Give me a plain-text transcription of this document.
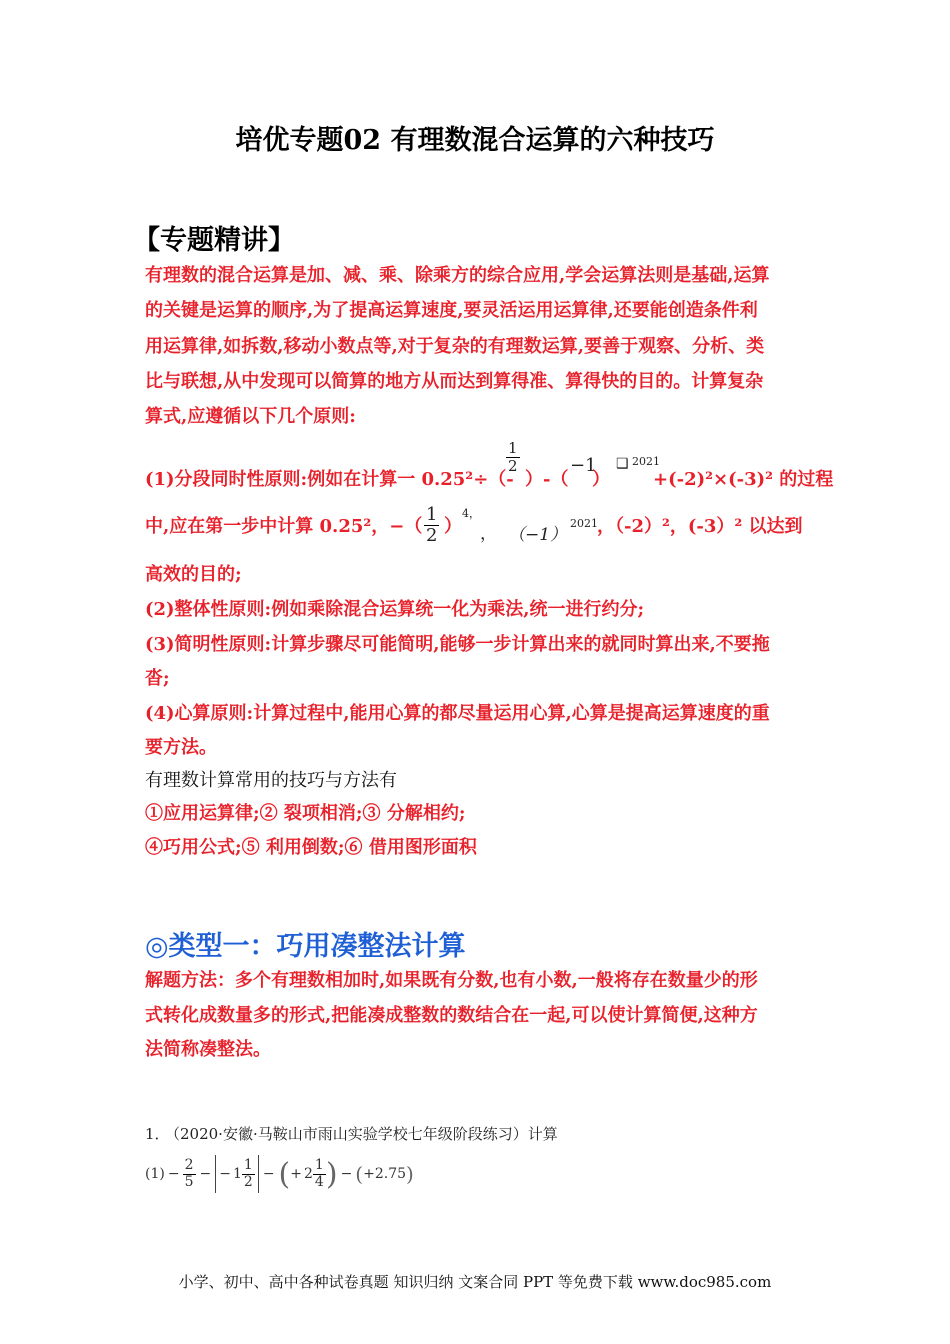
培优专题02 有理数混合运算的六种技巧
【专题精讲】
有理数的混合运算是加、减、乘、除乘方的综合应用,学会运算法则是基础,运算
的关键是运算的顺序,为了提高运算速度,要灵活运用运算律,还要能创造条件利
用运算律,如拆数,移动小数点等,对于复杂的有理数运算,要善于观察、分析、类
比与联想,从中发现可以简算的地方从而达到算得准、算得快的目的。计算复杂
算式,应遵循以下几个原则:
(1)分段同时性原则:例如在计算一 0.25²÷（-
$\frac{1}{2}$
）-（
−1
）
❑ 2021
+(-2)²×(-3)² 的过程
中,应在第一步中计算 0.25²，−（ $\frac{1}{2}$ ）
4，
， （−1）
2021 ，（-2）²，(-3）² 以达到
高效的目的;
(2)整体性原则:例如乘除混合运算统一化为乘法,统一进行约分;
(3)简明性原则:计算步骤尽可能简明,能够一步计算出来的就同时算出来,不要拖
沓;
(4)心算原则:计算过程中,能用心算的都尽量运用心算,心算是提高运算速度的重
要方法。
有理数计算常用的技巧与方法有
①应用运算律;② 裂项相消;③ 分解相约;
④巧用公式;⑤ 利用倒数;⑥ 借用图形面积
◎类型一：巧用凑整法计算
解题方法：多个有理数相加时,如果既有分数,也有小数,一般将存在数量少的形
式转化成数量多的形式,把能凑成整数的数结合在一起,可以使计算简便,这种方
法简称凑整法。
1．
（2020·安徽·马鞍山市雨山实验学校七年级阶段练习）计算
$(1) - \frac{2}{5}$ − − $1 \frac{1}{2}$ − ( + $2 \frac{1}{4}$ ) − ( +2.75 )
小学、初中、高中各种试卷真题 知识归纳 文案合同 PPT 等免费下载 www.doc985.com
